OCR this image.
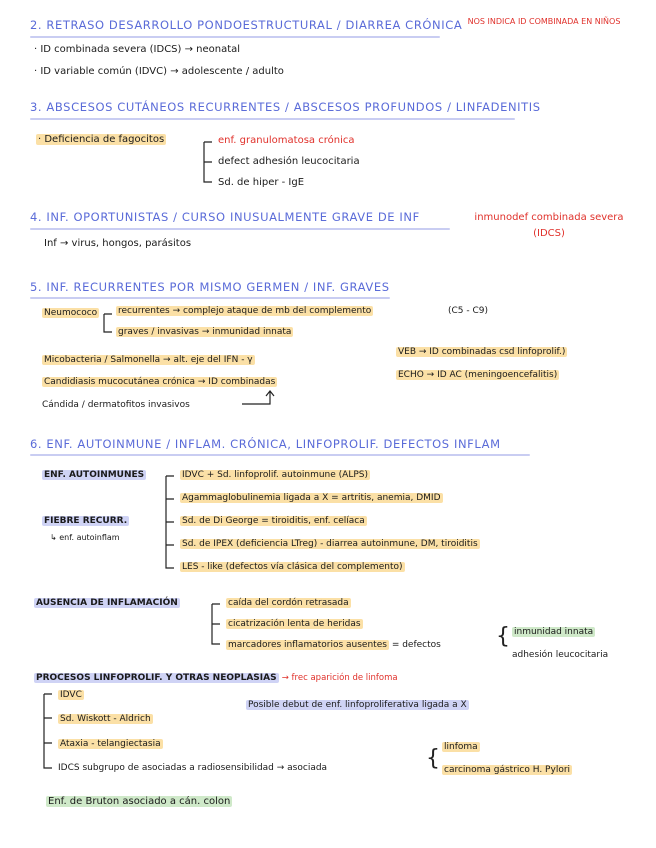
2. RETRASO DESARROLLO PONDOESTRUCTURAL / DIARREA CRÓNICA NOS INDICA ID COMBINADA EN NIÑOS
· ID combinada severa (IDCS) → neonatal
· ID variable común (IDVC) → adolescente / adulto
3. ABSCESOS CUTÁNEOS RECURRENTES / ABSCESOS PROFUNDOS / LINFADENITIS
· Deficiencia de fagocitos	enf. granulomatosa crónica
defect adhesión leucocitaria
Sd. de hiper - IgE
4. INF. OPORTUNISTAS / CURSO INUSUALMENTE GRAVE DE INF	inmunodef combinada severa (IDCS)
Inf → virus, hongos, parásitos
5. INF. RECURRENTES POR MISMO GERMEN / INF. GRAVES
Neumococo recurrentes → complejo ataque de mb del complemento	(C5 - C9)
graves / invasivas → inmunidad innata
Micobacteria / Salmonella → alt. eje del IFN - γ
Candidiasis mucocutánea crónica → ID combinadas
Cándida / dermatofitos invasivos
VEB → ID combinadas csd linfoprolif.)
ECHO → ID AC (meningoencefalitis)
6. ENF. AUTOINMUNE / INFLAM. CRÓNICA, LINFOPROLIF. DEFECTOS INFLAM
ENF. AUTOINMUNES
FIEBRE RECURR.
↳ enf. autoinflam
IDVC + Sd. linfoprolif. autoinmune (ALPS)
Agammaglobulinemia ligada a X = artritis, anemia, DMID
Sd. de Di George = tiroiditis, enf. celíaca
Sd. de IPEX (deficiencia LTreg) - diarrea autoinmune, DM, tiroiditis
LES - like (defectos vía clásica del complemento)
AUSENCIA DE INFLAMACIÓN	caída del cordón retrasada
cicatrización lenta de heridas
marcadores inflamatorios ausentes = defectos	{ inmunidad innata
adhesión leucocitaria
PROCESOS LINFOPROLIF. Y OTRAS NEOPLASIAS → frec aparición de linfoma
IDVC
Sd. Wiskott - Aldrich
Ataxia - telangiectasia
IDCS subgrupo de asociadas a radiosensibilidad → asociada
Posible debut de enf. linfoproliferativa ligada a X
{ linfoma
carcinoma gástrico H. Pylori
Enf. de Bruton asociado a cán. colon
